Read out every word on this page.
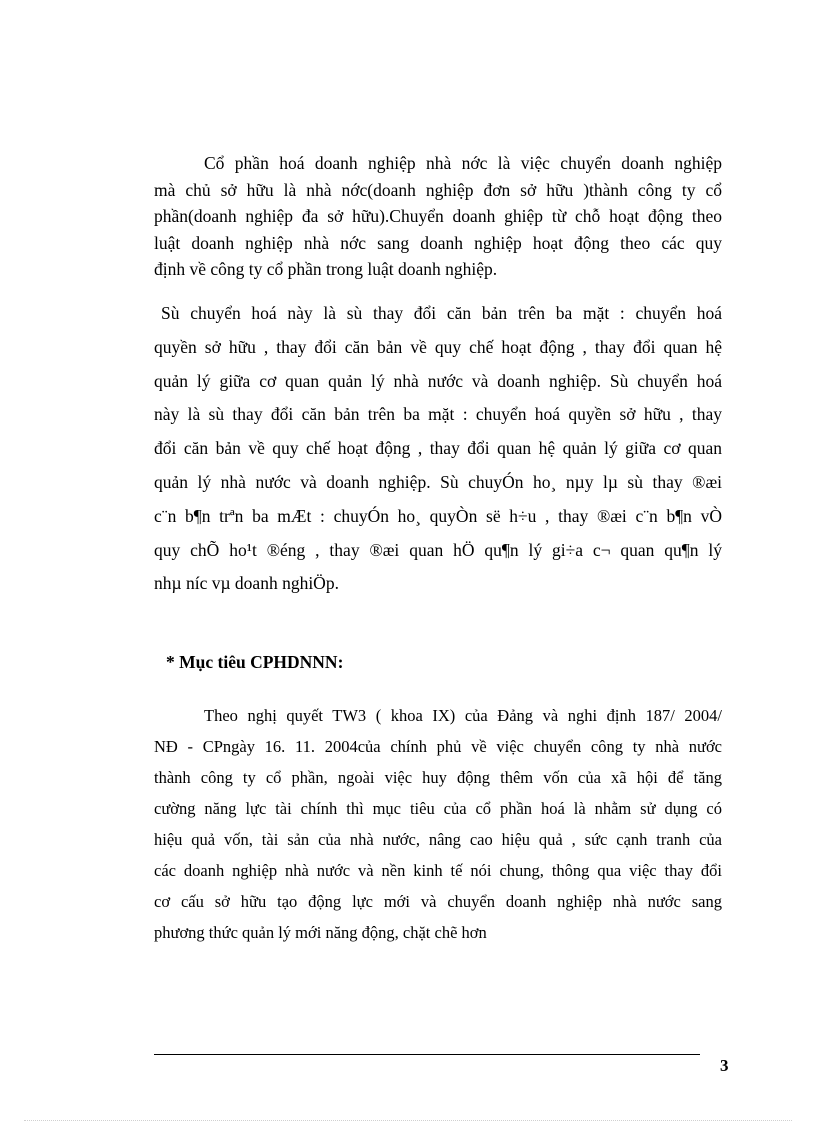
Cổ phần hoá doanh nghiệp nhà nớc là việc chuyển doanh nghiệp
mà chủ sở hữu là nhà nớc(doanh nghiệp đơn sở hữu )thành công ty cổ
phần(doanh nghiệp đa sở hữu).Chuyển doanh ghiệp từ chỗ hoạt động theo
luật doanh nghiệp nhà nớc sang doanh nghiệp hoạt động theo các quy
định về công ty cổ phần trong luật doanh nghiệp.
Sù chuyển hoá này là sù thay đổi căn bản trên ba mặt : chuyển hoá
quyền sở hữu , thay đổi căn bản về quy chế hoạt động , thay đổi quan hệ
quản lý giữa cơ quan quản lý nhà nước và doanh nghiệp. Sù chuyển hoá
này là sù thay đổi căn bản trên ba mặt : chuyển hoá quyền sở hữu , thay
đổi căn bản về quy chế hoạt động , thay đổi quan hệ quản lý giữa cơ quan
quản lý nhà nước và doanh nghiệp. Sù chuyÓn ho¸ nµy lµ sù thay ®æi
c¨n b¶n trªn ba mÆt : chuyÓn ho¸ quyÒn së h÷u , thay ®æi c¨n b¶n vÒ
quy chÕ ho¹t ®éng , thay ®æi quan hÖ qu¶n lý gi÷a c¬ quan qu¶n lý
nhµ níc vµ doanh nghiÖp.
* Mục tiêu CPHDNNN:
Theo nghị quyết TW3 ( khoa IX) của Đảng và nghi định 187/ 2004/
NĐ - CPngày 16. 11. 2004của chính phủ về việc chuyển công ty nhà nước
thành công ty cổ phần, ngoài việc huy động thêm vốn của xã hội để tăng
cường năng lực tài chính thì mục tiêu của cổ phần hoá là nhằm sử dụng có
hiệu quả vốn, tài sản của nhà nước, nâng cao hiệu quả , sức cạnh tranh của
các doanh nghiệp nhà nước và nền kinh tế nói chung, thông qua việc thay đổi
cơ cấu sở hữu tạo động lực mới và chuyển doanh nghiệp nhà nước sang
phương thức quản lý mới năng động, chặt chẽ hơn
3
